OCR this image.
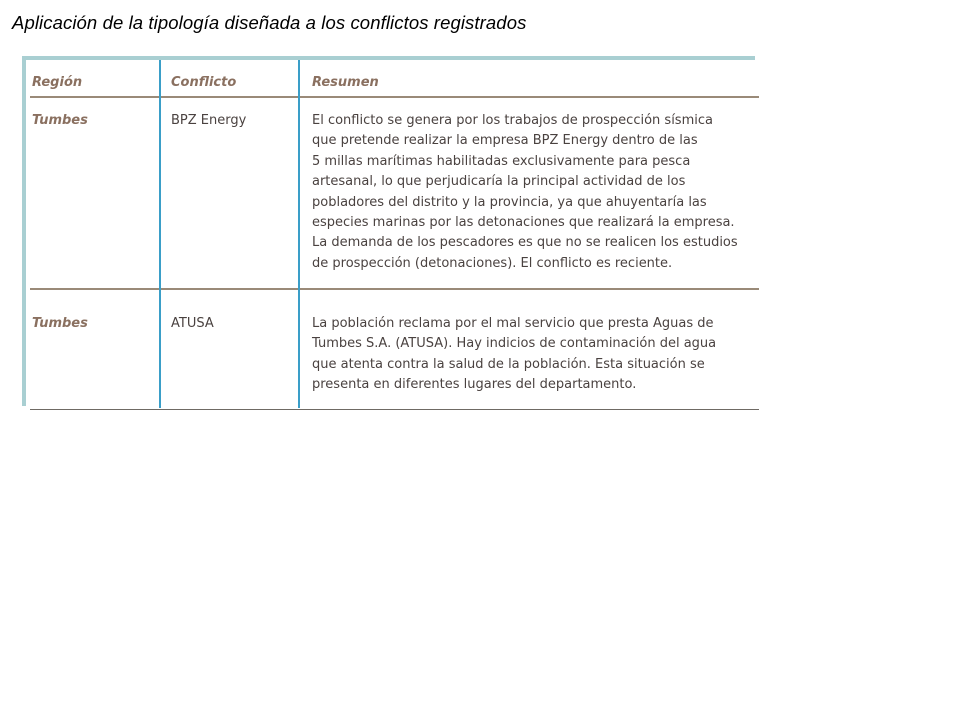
Aplicación de la tipología diseñada a los conflictos registrados
Región	Conflicto	Resumen
Tumbes	BPZ Energy	El conflicto se genera por los trabajos de prospección sísmica
que pretende realizar la empresa BPZ Energy dentro de las
5 millas marítimas habilitadas exclusivamente para pesca
artesanal, lo que perjudicaría la principal actividad de los
pobladores del distrito y la provincia, ya que ahuyentaría las
especies marinas por las detonaciones que realizará la empresa.
La demanda de los pescadores es que no se realicen los estudios
de prospección (detonaciones). El conflicto es reciente.
Tumbes	ATUSA	La población reclama por el mal servicio que presta Aguas de
Tumbes S.A. (ATUSA). Hay indicios de contaminación del agua
que atenta contra la salud de la población. Esta situación se
presenta en diferentes lugares del departamento.
